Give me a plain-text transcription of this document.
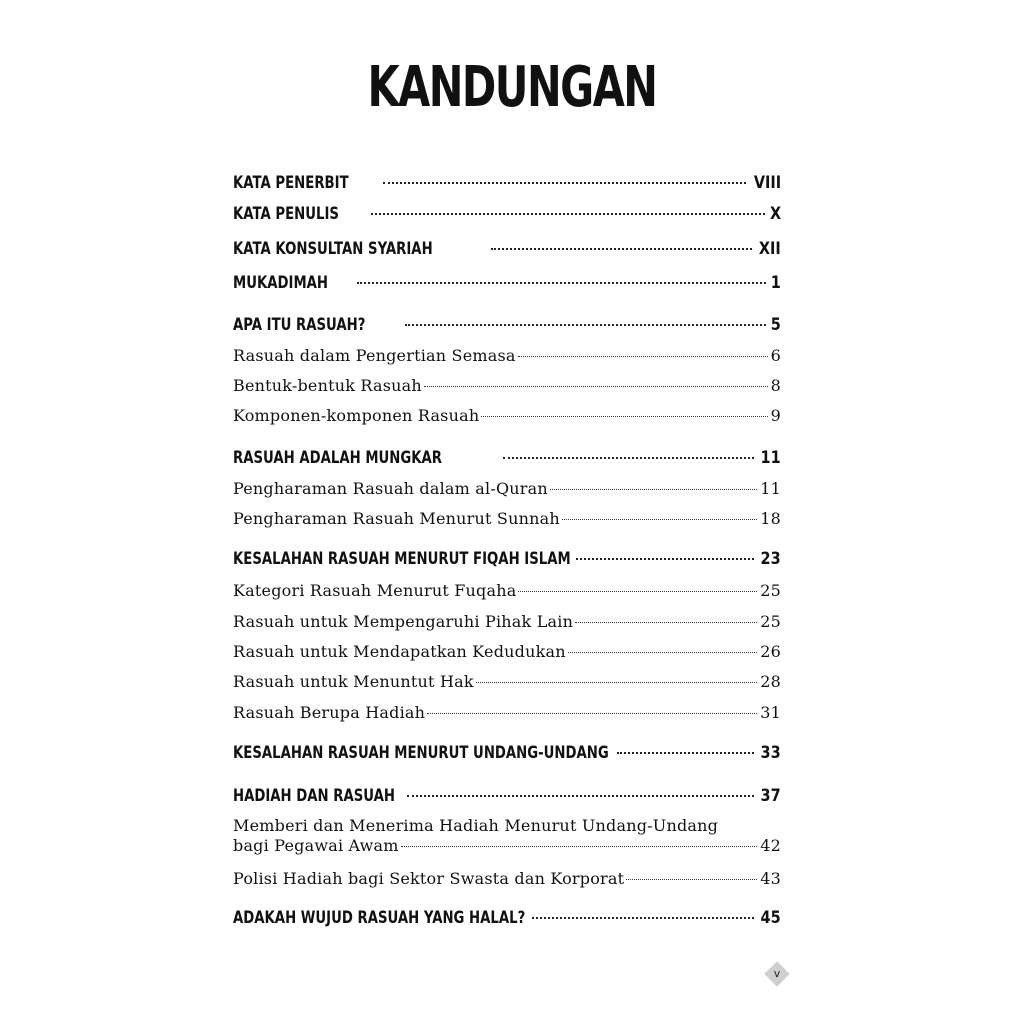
KANDUNGAN
KATA PENERBIT	VIII
KATA PENULIS	X
KATA KONSULTAN SYARIAH	XII
MUKADIMAH	1
APA ITU RASUAH?	5
Rasuah dalam Pengertian Semasa	6
Bentuk-bentuk Rasuah	8
Komponen-komponen Rasuah	9
RASUAH ADALAH MUNGKAR	11
Pengharaman Rasuah dalam al-Quran	11
Pengharaman Rasuah Menurut Sunnah	18
KESALAHAN RASUAH MENURUT FIQAH ISLAM	23
Kategori Rasuah Menurut Fuqaha	25
Rasuah untuk Mempengaruhi Pihak Lain	25
Rasuah untuk Mendapatkan Kedudukan	26
Rasuah untuk Menuntut Hak	28
Rasuah Berupa Hadiah	31
KESALAHAN RASUAH MENURUT UNDANG-UNDANG	33
HADIAH DAN RASUAH	37
Memberi dan Menerima Hadiah Menurut Undang-Undang
bagi Pegawai Awam	42
Polisi Hadiah bagi Sektor Swasta dan Korporat	43
ADAKAH WUJUD RASUAH YANG HALAL?	45
v
